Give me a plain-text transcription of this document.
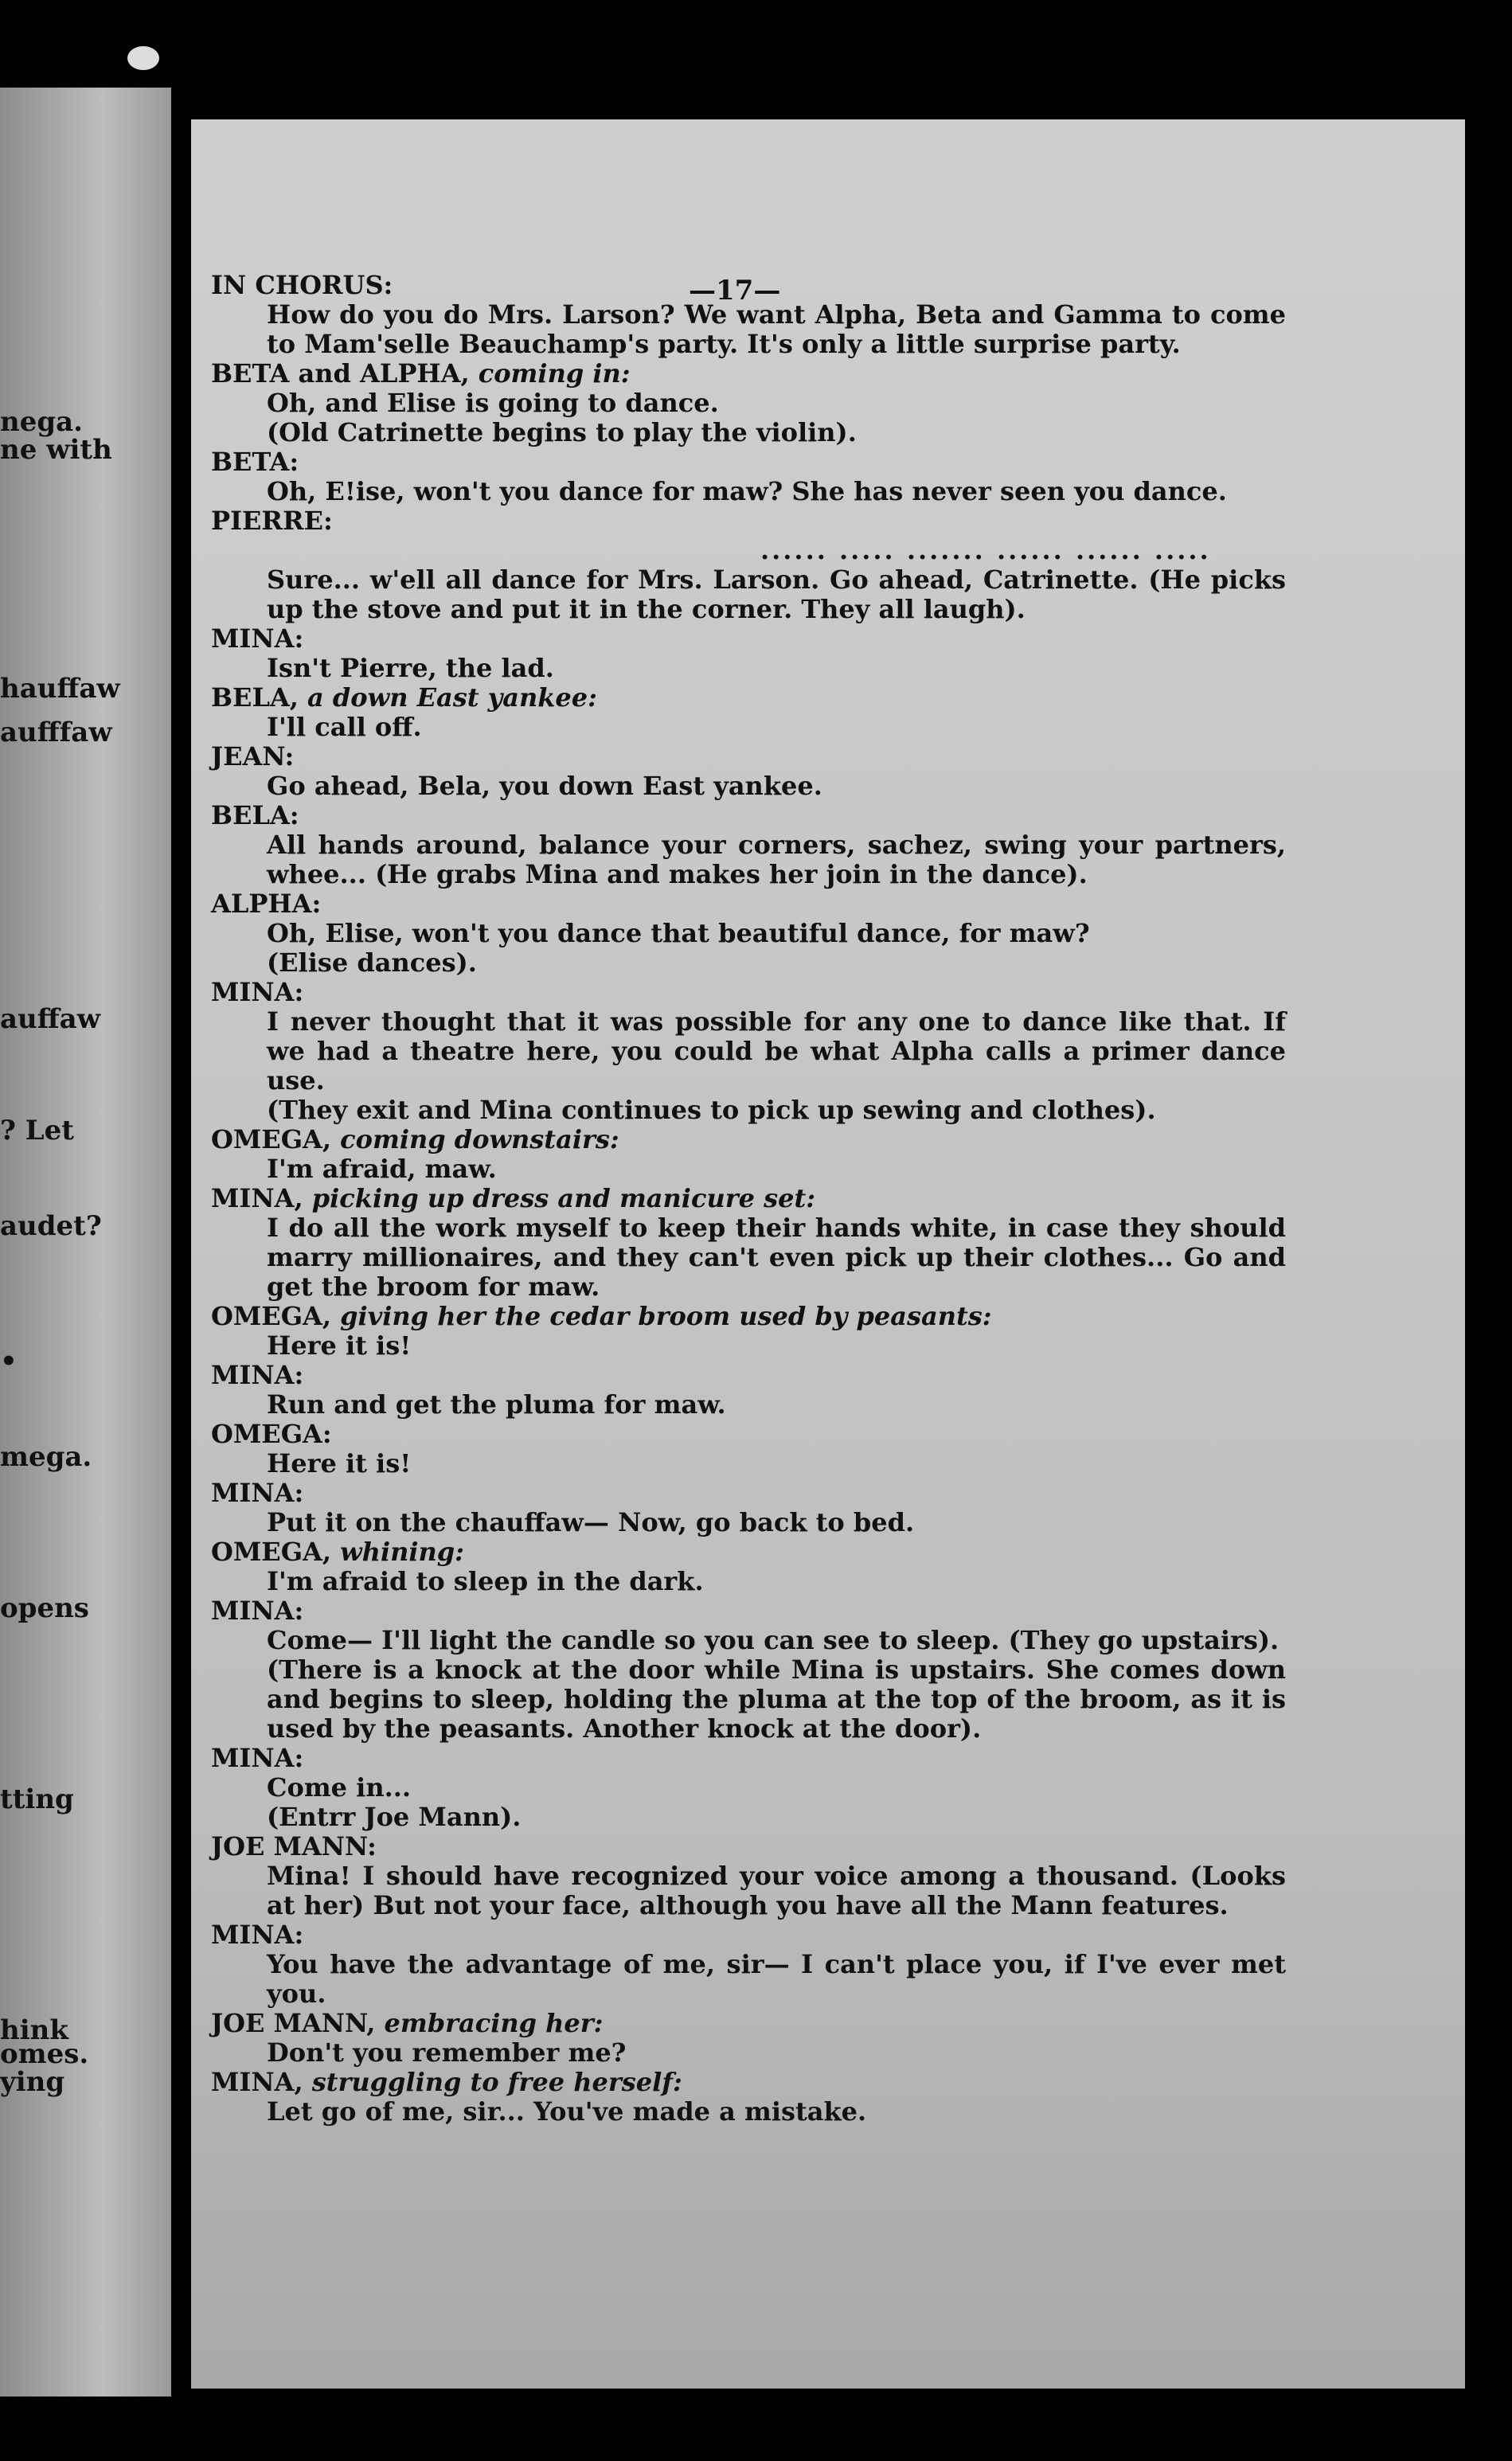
nega.
ne with
hauffaw
aufffaw
auffaw
? Let
audet?
•
mega.
opens
tting
hink
omes.
ying
—17—
IN CHORUS:
How do you do Mrs. Larson? We want Alpha, Beta and Gamma to come to Mam'selle Beauchamp's party. It's only a little surprise party.
BETA and ALPHA, coming in:
Oh, and Elise is going to dance.
(Old Catrinette begins to play the violin).
BETA:
Oh, E!ise, won't you dance for maw? She has never seen you dance.
PIERRE:
...... ..... ....... ...... ...... .....
Sure... w'ell all dance for Mrs. Larson. Go ahead, Catrinette. (He picks up the stove and put it in the corner. They all laugh).
MINA:
Isn't Pierre, the lad.
BELA, a down East yankee:
I'll call off.
JEAN:
Go ahead, Bela, you down East yankee.
BELA:
All hands around, balance your corners, sachez, swing your partners, whee... (He grabs Mina and makes her join in the dance).
ALPHA:
Oh, Elise, won't you dance that beautiful dance, for maw?
(Elise dances).
MINA:
I never thought that it was possible for any one to dance like that. If we had a theatre here, you could be what Alpha calls a primer dance use.
(They exit and Mina continues to pick up sewing and clothes).
OMEGA, coming downstairs:
I'm afraid, maw.
MINA, picking up dress and manicure set:
I do all the work myself to keep their hands white, in case they should marry millionaires, and they can't even pick up their clothes... Go and get the broom for maw.
OMEGA, giving her the cedar broom used by peasants:
Here it is!
MINA:
Run and get the pluma for maw.
OMEGA:
Here it is!
MINA:
Put it on the chauffaw— Now, go back to bed.
OMEGA, whining:
I'm afraid to sleep in the dark.
MINA:
Come— I'll light the candle so you can see to sleep. (They go upstairs).
(There is a knock at the door while Mina is upstairs. She comes down and begins to sleep, holding the pluma at the top of the broom, as it is used by the peasants. Another knock at the door).
MINA:
Come in...
(Entrr Joe Mann).
JOE MANN:
Mina! I should have recognized your voice among a thousand. (Looks at her) But not your face, although you have all the Mann features.
MINA:
You have the advantage of me, sir— I can't place you, if I've ever met you.
JOE MANN, embracing her:
Don't you remember me?
MINA, struggling to free herself:
Let go of me, sir... You've made a mistake.
